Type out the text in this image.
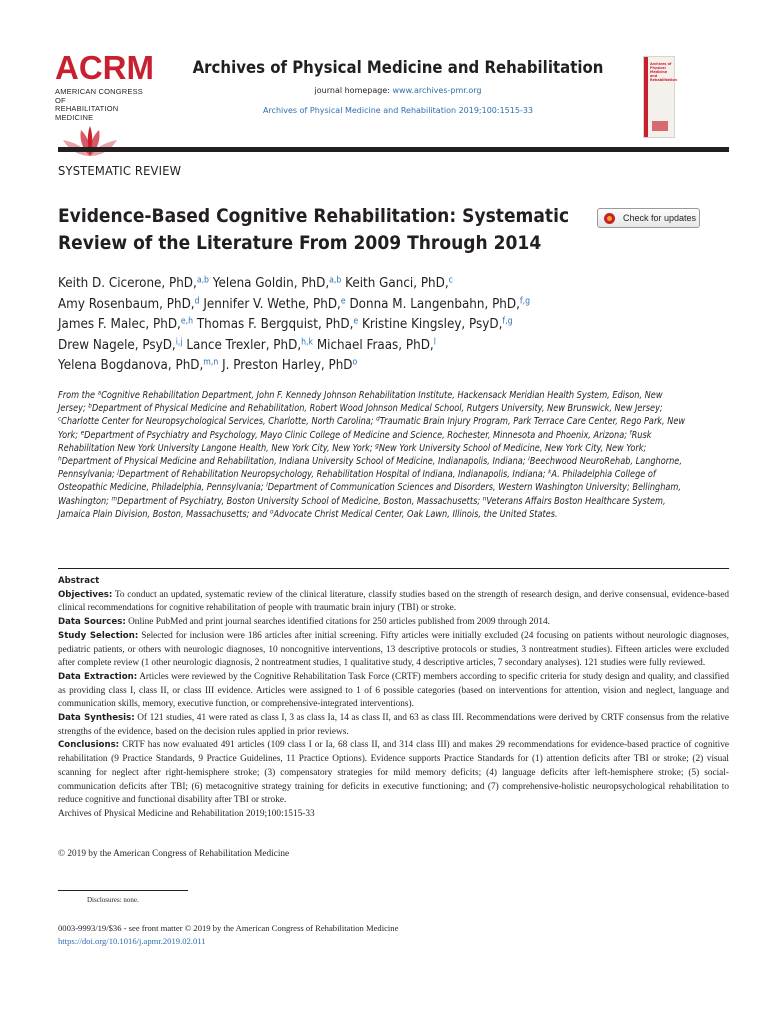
ACRM
AMERICAN CONGRESS OF
REHABILITATION MEDICINE
Archives of Physical Medicine and Rehabilitation
journal homepage: www.archives-pmr.org
Archives of Physical Medicine and Rehabilitation 2019;100:1515-33
Archives of
Physical Medicine
and Rehabilitation
SYSTEMATIC REVIEW
Evidence-Based Cognitive Rehabilitation: Systematic
Review of the Literature From 2009 Through 2014
Check for updates
Keith D. Cicerone, PhD,$^{a,b}$ Yelena Goldin, PhD,$^{a,b}$ Keith Ganci, PhD,$^c$
Amy Rosenbaum, PhD,$^d$ Jennifer V. Wethe, PhD,$^e$ Donna M. Langenbahn, PhD,$^{f,g}$
James F. Malec, PhD,$^{e,h}$ Thomas F. Bergquist, PhD,$^e$ Kristine Kingsley, PsyD,$^{f,g}$
Drew Nagele, PsyD,$^{i,j}$ Lance Trexler, PhD,$^{h,k}$ Michael Fraas, PhD,$^l$
Yelena Bogdanova, PhD,$^{m,n}$ J. Preston Harley, PhD$^o$
From the $^a$Cognitive Rehabilitation Department, John F. Kennedy Johnson Rehabilitation Institute, Hackensack Meridian Health System, Edison, New Jersey; $^b$Department of Physical Medicine and Rehabilitation, Robert Wood Johnson Medical School, Rutgers University, New Brunswick, New Jersey; $^c$Charlotte Center for Neuropsychological Services, Charlotte, North Carolina; $^d$Traumatic Brain Injury Program, Park Terrace Care Center, Rego Park, New York; $^e$Department of Psychiatry and Psychology, Mayo Clinic College of Medicine and Science, Rochester, Minnesota and Phoenix, Arizona; $^f$Rusk Rehabilitation New York University Langone Health, New York City, New York; $^g$New York University School of Medicine, New York City, New York; $^h$Department of Physical Medicine and Rehabilitation, Indiana University School of Medicine, Indianapolis, Indiana; $^i$Beechwood NeuroRehab, Langhorne, Pennsylvania; $^j$Department of Rehabilitation Neuropsychology, Rehabilitation Hospital of Indiana, Indianapolis, Indiana; $^k$A. Philadelphia College of Osteopathic Medicine, Philadelphia, Pennsylvania; $^l$Department of Communication Sciences and Disorders, Western Washington University; Bellingham, Washington; $^m$Department of Psychiatry, Boston University School of Medicine, Boston, Massachusetts; $^n$Veterans Affairs Boston Healthcare System, Jamaica Plain Division, Boston, Massachusetts; and $^o$Advocate Christ Medical Center, Oak Lawn, Illinois, the United States.
Abstract

Objectives: To conduct an updated, systematic review of the clinical literature, classify studies based on the strength of research design, and derive consensual, evidence-based clinical recommendations for cognitive rehabilitation of people with traumatic brain injury (TBI) or stroke.

Data Sources: Online PubMed and print journal searches identified citations for 250 articles published from 2009 through 2014.

Study Selection: Selected for inclusion were 186 articles after initial screening. Fifty articles were initially excluded (24 focusing on patients without neurologic diagnoses, pediatric patients, or others with neurologic diagnoses, 10 noncognitive interventions, 13 descriptive protocols or studies, 3 nontreatment studies). Fifteen articles were excluded after complete review (1 other neurologic diagnosis, 2 nontreatment studies, 1 qualitative study, 4 descriptive articles, 7 secondary analyses). 121 studies were fully reviewed.

Data Extraction: Articles were reviewed by the Cognitive Rehabilitation Task Force (CRTF) members according to specific criteria for study design and quality, and classified as providing class I, class II, or class III evidence. Articles were assigned to 1 of 6 possible categories (based on interventions for attention, vision and neglect, language and communication skills, memory, executive function, or comprehensive-integrated interventions).

Data Synthesis: Of 121 studies, 41 were rated as class I, 3 as class Ia, 14 as class II, and 63 as class III. Recommendations were derived by CRTF consensus from the relative strengths of the evidence, based on the decision rules applied in prior reviews.

Conclusions: CRTF has now evaluated 491 articles (109 class I or Ia, 68 class II, and 314 class III) and makes 29 recommendations for evidence-based practice of cognitive rehabilitation (9 Practice Standards, 9 Practice Guidelines, 11 Practice Options). Evidence supports Practice Standards for (1) attention deficits after TBI or stroke; (2) visual scanning for neglect after right-hemisphere stroke; (3) compensatory strategies for mild memory deficits; (4) language deficits after left-hemisphere stroke; (5) social-communication deficits after TBI; (6) metacognitive strategy training for deficits in executive functioning; and (7) comprehensive-holistic neuropsychological rehabilitation to reduce cognitive and functional disability after TBI or stroke.

Archives of Physical Medicine and Rehabilitation 2019;100:1515-33
© 2019 by the American Congress of Rehabilitation Medicine
Disclosures: none.
0003-9993/19/$36 - see front matter © 2019 by the American Congress of Rehabilitation Medicine
https://doi.org/10.1016/j.apmr.2019.02.011
